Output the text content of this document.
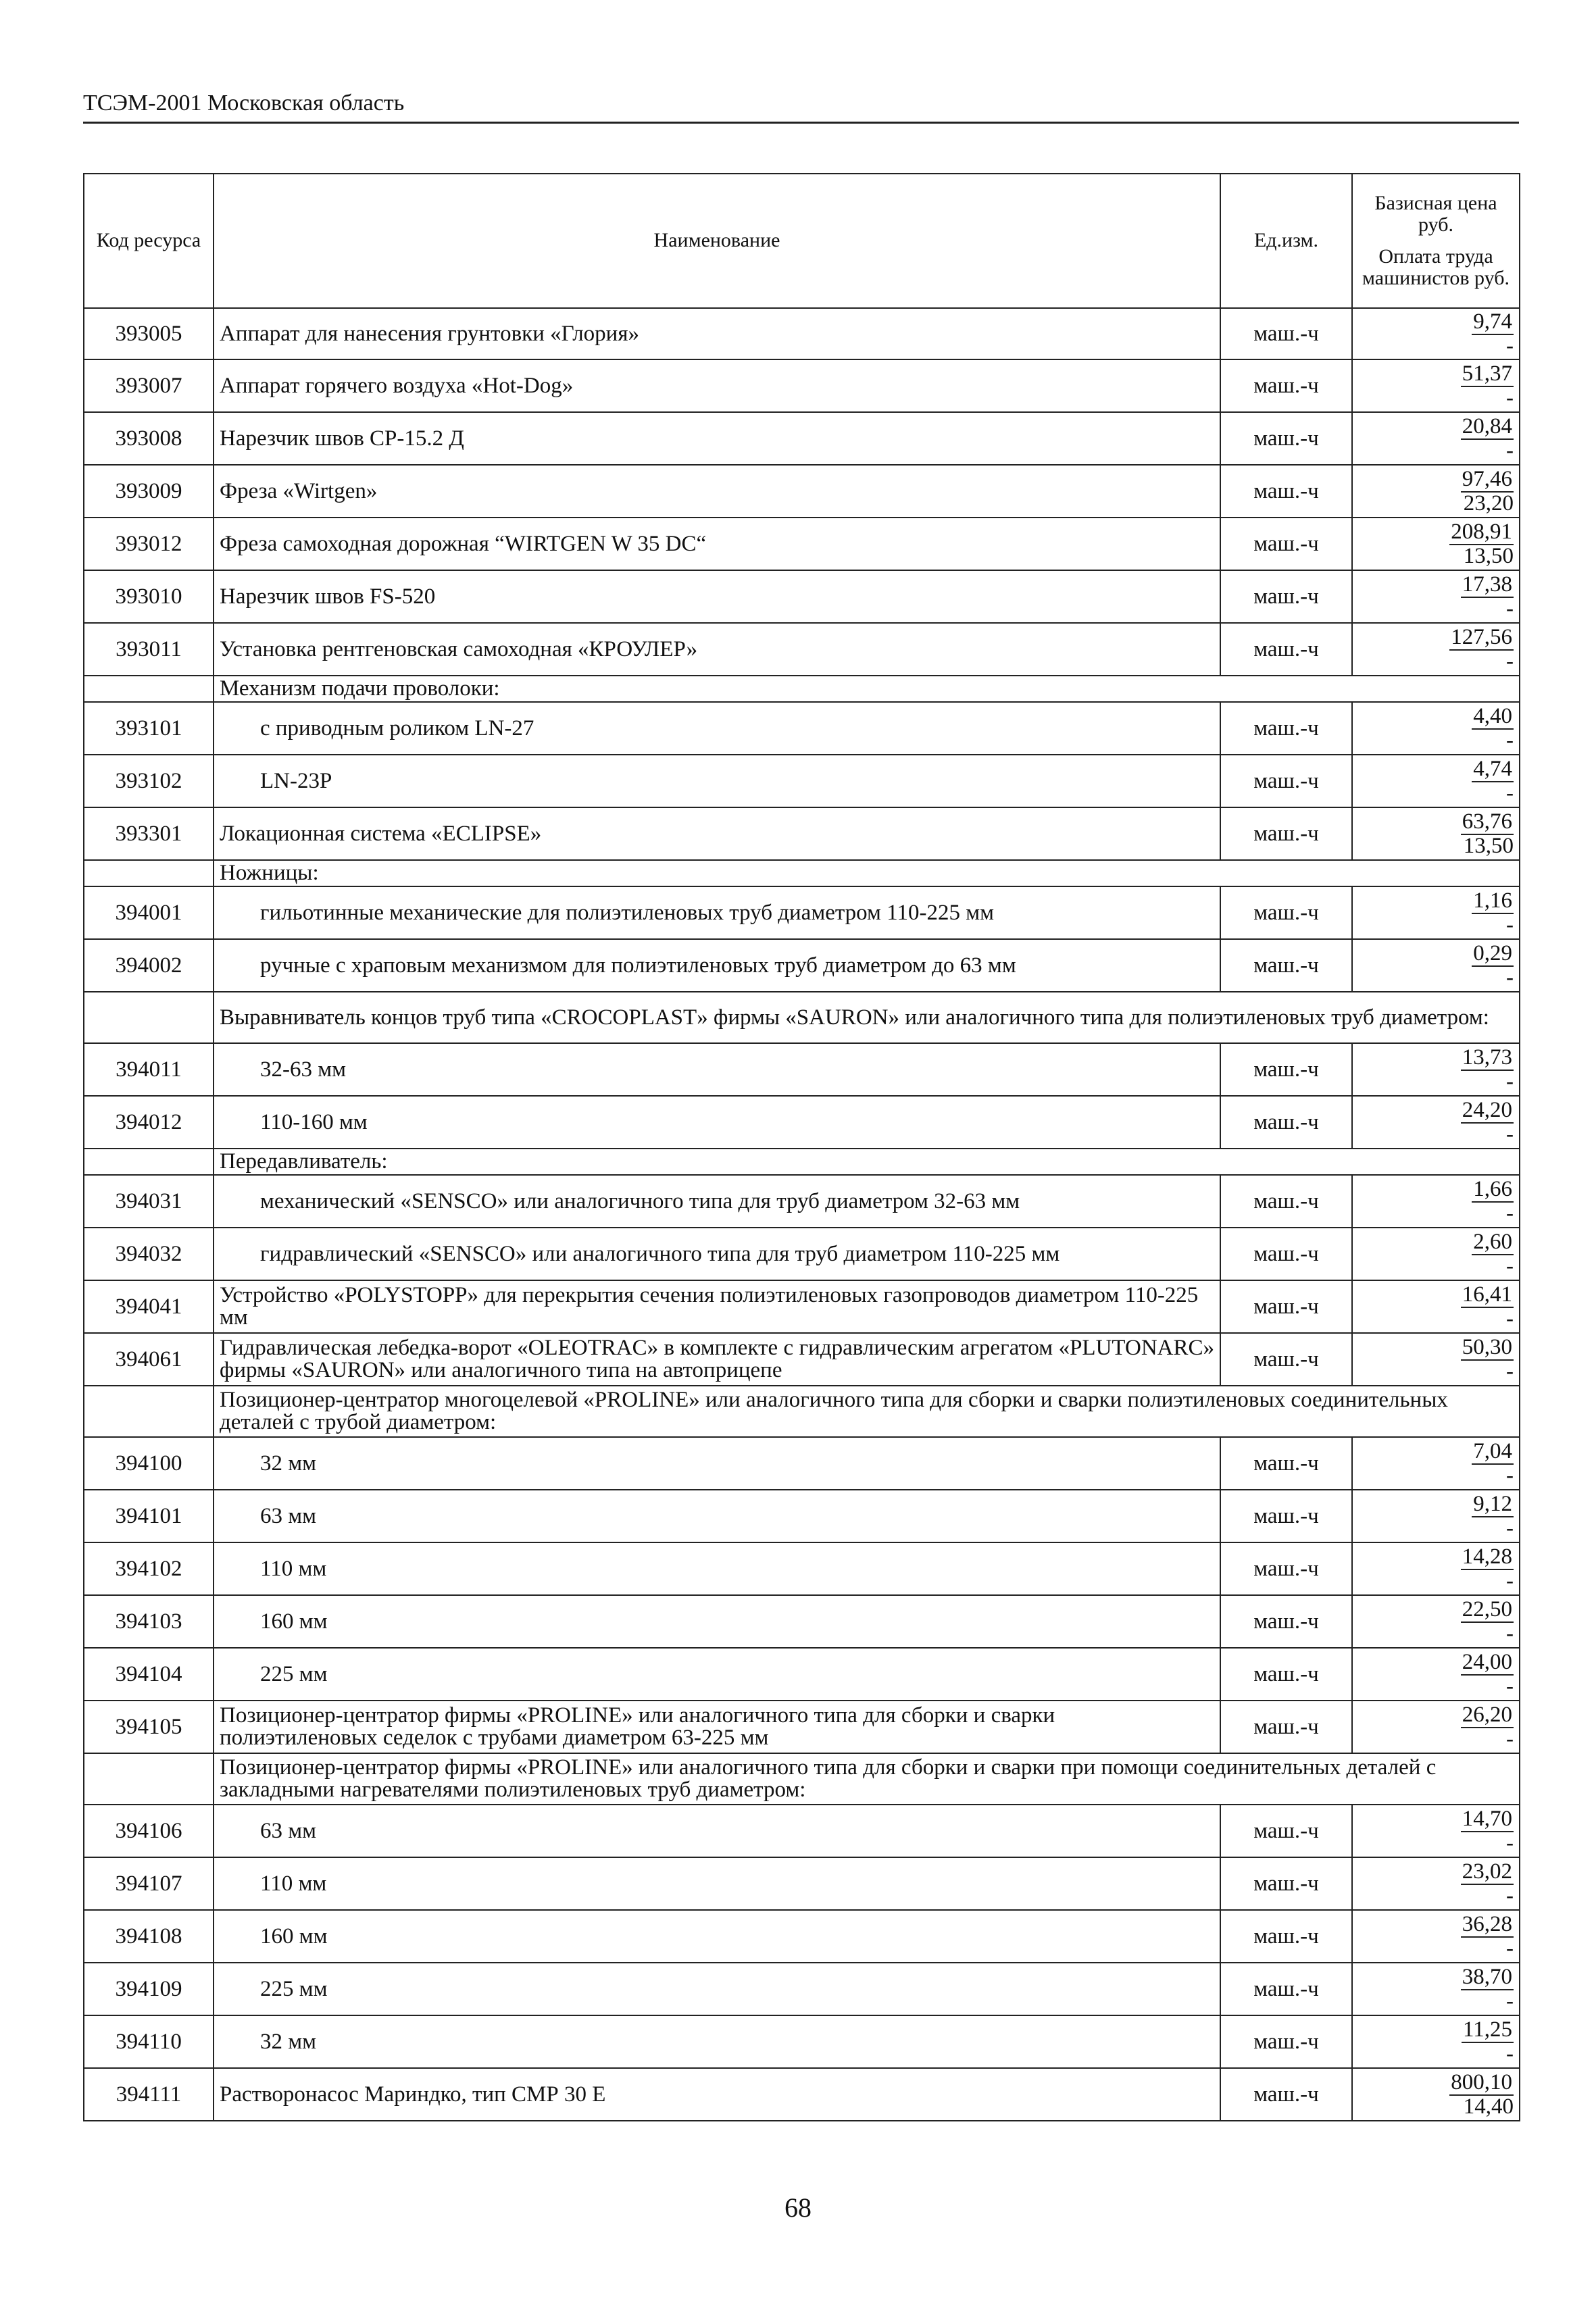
ТСЭМ-2001 Московская область
Код ресурса	Наименование	Ед.изм.	Базисная цена руб.
Оплата труда машинистов руб.
393005	Аппарат для нанесения грунтовки «Глория»	маш.-ч	9,74
-

393007	Аппарат горячего воздуха «Hot-Dog»	маш.-ч	51,37
-

393008	Нарезчик швов CP-15.2 Д	маш.-ч	20,84
-

393009	Фреза «Wirtgen»	маш.-ч	97,46
23,20

393012	Фреза самоходная дорожная “WIRTGEN W 35 DC“	маш.-ч	208,91
13,50

393010	Нарезчик швов FS-520	маш.-ч	17,38
-

393011	Установка рентгеновская самоходная «КРОУЛЕР»	маш.-ч	127,56
-

	Механизм подачи проволоки:		
393101	с приводным роликом LN-27	маш.-ч	4,40
-

393102	LN-23P	маш.-ч	4,74
-

393301	Локационная система «ECLIPSE»	маш.-ч	63,76
13,50

	Ножницы:		
394001	гильотинные механические для полиэтиленовых труб диаметром 110-225 мм	маш.-ч	1,16
-

394002	ручные с храповым механизмом для полиэтиленовых труб диаметром до 63 мм	маш.-ч	0,29
-

	Выравниватель концов труб типа «CROCOPLAST» фирмы «SAURON» или аналогичного типа для полиэтиленовых труб диаметром:		
394011	32-63 мм	маш.-ч	13,73
-

394012	110-160 мм	маш.-ч	24,20
-

	Передавливатель:		
394031	механический «SENSCO» или аналогичного типа для труб диаметром 32-63 мм	маш.-ч	1,66
-

394032	гидравлический «SENSCO» или аналогичного типа для труб диаметром 110-225 мм	маш.-ч	2,60
-

394041	Устройство «POLYSTOPP» для перекрытия сечения полиэтиленовых газопроводов диаметром 110-225 мм	маш.-ч	16,41
-

394061	Гидравлическая лебедка-ворот «OLEOTRAC» в комплекте с гидравлическим агрегатом «PLUTONARC» фирмы «SAURON» или аналогичного типа на автоприцепе	маш.-ч	50,30
-

	Позиционер-центратор многоцелевой «PROLINE» или аналогичного типа для сборки и сварки полиэтиленовых соединительных деталей с трубой диаметром:		
394100	32 мм	маш.-ч	7,04
-

394101	63 мм	маш.-ч	9,12
-

394102	110 мм	маш.-ч	14,28
-

394103	160 мм	маш.-ч	22,50
-

394104	225 мм	маш.-ч	24,00
-

394105	Позиционер-центратор фирмы «PROLINE» или аналогичного типа для сборки и сварки полиэтиленовых седелок с трубами диаметром 63-225 мм	маш.-ч	26,20
-

	Позиционер-центратор фирмы «PROLINE» или аналогичного типа для сборки и сварки при помощи соединительных деталей с закладными нагревателями полиэтиленовых труб диаметром:		
394106	63 мм	маш.-ч	14,70
-

394107	110 мм	маш.-ч	23,02
-

394108	160 мм	маш.-ч	36,28
-

394109	225 мм	маш.-ч	38,70
-

394110	32 мм	маш.-ч	11,25
-

394111	Растворонасос Мариндко, тип СМР 30 Е	маш.-ч	800,10
14,40
68
